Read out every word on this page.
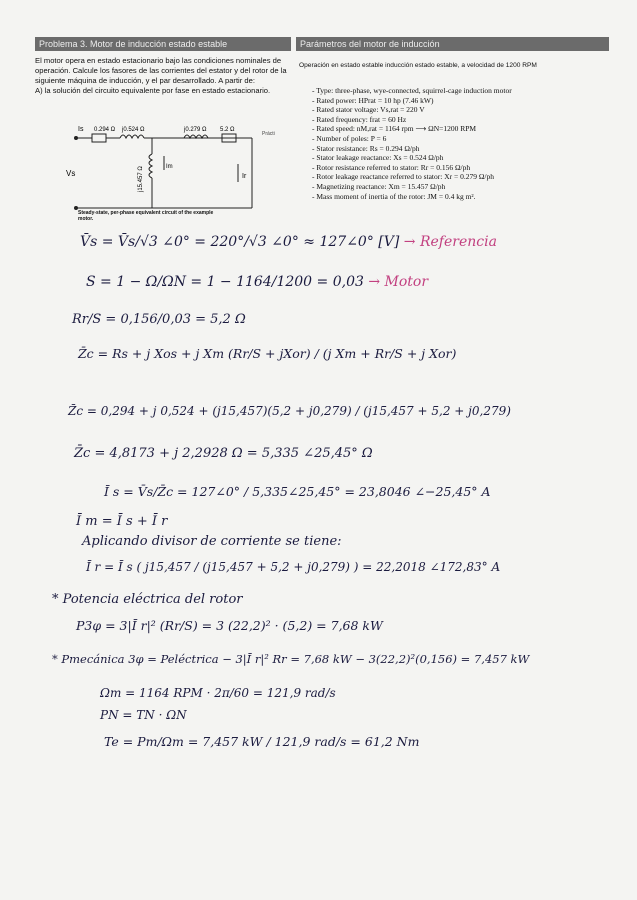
Problema 3. Motor de inducción estado estable	Parámetros del motor de inducción
El motor opera en estado estacionario bajo las condiciones nominales de operación. Calcule los fasores de las corrientes del estator y del rotor de la siguiente máquina de inducción, y el par desarrollado. A partir de:
A) la solución del circuito equivalente por fase en estado estacionario.
Operación en estado estable inducción estado estable, a velocidad de 1200 RPM
- Type: three-phase, wye-connected, squirrel-cage induction motor
- Rated power: HPrat = 10 hp (7.46 kW)
- Rated stator voltage: Vs,rat = 220 V
- Rated frequency: frat = 60 Hz
- Rated speed: nM,rat = 1164 rpm ⟶ ΩN=1200 RPM
- Number of poles: P = 6
- Stator resistance: Rs = 0.294 Ω/ph
- Stator leakage reactance: Xs = 0.524 Ω/ph
- Rotor resistance referred to stator: Rr = 0.156 Ω/ph
- Rotor leakage reactance referred to stator: Xr = 0.279 Ω/ph
- Magnetizing reactance: Xm = 15.457 Ω/ph
- Mass moment of inertia of the rotor: JM = 0.4 kg m².
Is 0.294 Ω j0.524 Ω	j0.279 Ω 5.2 Ω
Vs
Im
Ir
j15.457 Ω
Prácti
Steady-state, per-phase equivalent circuit of the example motor.
V̄s = V̄s/√3 ∠0° = 220°/√3 ∠0° ≈ 127∠0° [V] → Referencia
S = 1 − Ω/ΩN = 1 − 1164/1200 = 0,03 → Motor
Rr/S = 0,156/0,03 = 5,2 Ω
Z̄c = Rs + j Xos + j Xm (Rr/S + jXor) / (j Xm + Rr/S + j Xor)
Z̄c = 0,294 + j 0,524 + (j15,457)(5,2 + j0,279) / (j15,457 + 5,2 + j0,279)
Z̄c = 4,8173 + j 2,2928 Ω = 5,335 ∠25,45° Ω
Ī s = V̄s/Z̄c = 127∠0° / 5,335∠25,45° = 23,8046 ∠−25,45° A
Ī m = Ī s + Ī r
Aplicando divisor de corriente se tiene:
Ī r = Ī s ( j15,457 / (j15,457 + 5,2 + j0,279) ) = 22,2018 ∠172,83° A
* Potencia eléctrica del rotor
P3φ = 3|Ī r|² (Rr/S) = 3 (22,2)² · (5,2) = 7,68 kW
* Pmecánica 3φ = Peléctrica − 3|Ī r|² Rr = 7,68 kW − 3(22,2)²(0,156) = 7,457 kW
Ωm = 1164 RPM · 2π/60 = 121,9 rad/s
PN = TN · ΩN
Te = Pm/Ωm = 7,457 kW / 121,9 rad/s = 61,2 Nm
